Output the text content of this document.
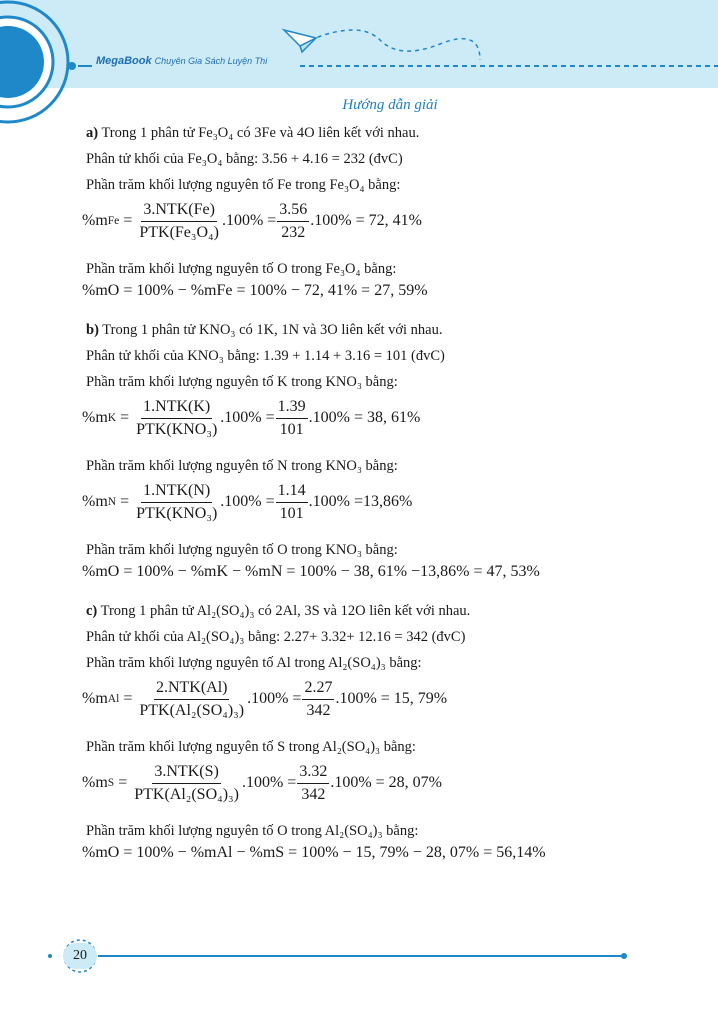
MegaBook Chuyên Gia Sách Luyện Thi
Hướng dẫn giải
a) Trong 1 phân tử Fe₃O₄ có 3Fe và 4O liên kết với nhau.
Phân tử khối của Fe₃O₄ bằng: 3.56 + 4.16 = 232 (đvC)
Phần trăm khối lượng nguyên tố Fe trong Fe₃O₄ bằng:
%m $Fe = \frac{\text{3.NTK(Fe)}}{\text{PTK(Fe₃O₄)}} .100\% = \frac{3.56}{232} .100\% = 72$, 41%
Phần trăm khối lượng nguyên tố O trong Fe₃O₄ bằng:
%mO = 100% − %mFe = 100% − 72, 41% = 27, 59%
b) Trong 1 phân tử KNO₃ có 1K, 1N và 3O liên kết với nhau.
Phân tử khối của KNO₃ bằng: 1.39 + 1.14 + 3.16 = 101 (đvC)
Phần trăm khối lượng nguyên tố K trong KNO₃ bằng:
%m $K = \frac{\text{1.NTK(K)}}{\text{PTK(KNO₃)}} .100\% = \frac{1.39}{101} .100\% = 38$, 61%
Phần trăm khối lượng nguyên tố N trong KNO₃ bằng:
%m $N = \frac{\text{1.NTK(N)}}{\text{PTK(KNO₃)}} .100\% = \frac{1.14}{101} .100\% =13,86\%$
Phần trăm khối lượng nguyên tố O trong KNO₃ bằng:
%mO = 100% − %mK − %mN = 100% − 38, 61% −13,86% = 47, 53%
c) Trong 1 phân tử Al₂(SO₄)₃ có 2Al, 3S và 12O liên kết với nhau.
Phân tử khối của Al₂(SO₄)₃ bằng: 2.27+ 3.32+ 12.16 = 342 (đvC)
Phần trăm khối lượng nguyên tố Al trong Al₂(SO₄)₃ bằng:
%m $Al = \frac{\text{2.NTK(Al)}}{\text{PTK(Al₂(SO₄)₃)}} .100\% = \frac{2.27}{342} .100\% = 15$, 79%
Phần trăm khối lượng nguyên tố S trong Al₂(SO₄)₃ bằng:
%m $S = \frac{\text{3.NTK(S)}}{\text{PTK(Al₂(SO₄)₃)}} .100\% = \frac{3.32}{342} .100\% = 28$, 07%
Phần trăm khối lượng nguyên tố O trong Al₂(SO₄)₃ bằng:
%mO = 100% − %mAl − %mS = 100% − 15, 79% − 28, 07% = 56,14%
20
